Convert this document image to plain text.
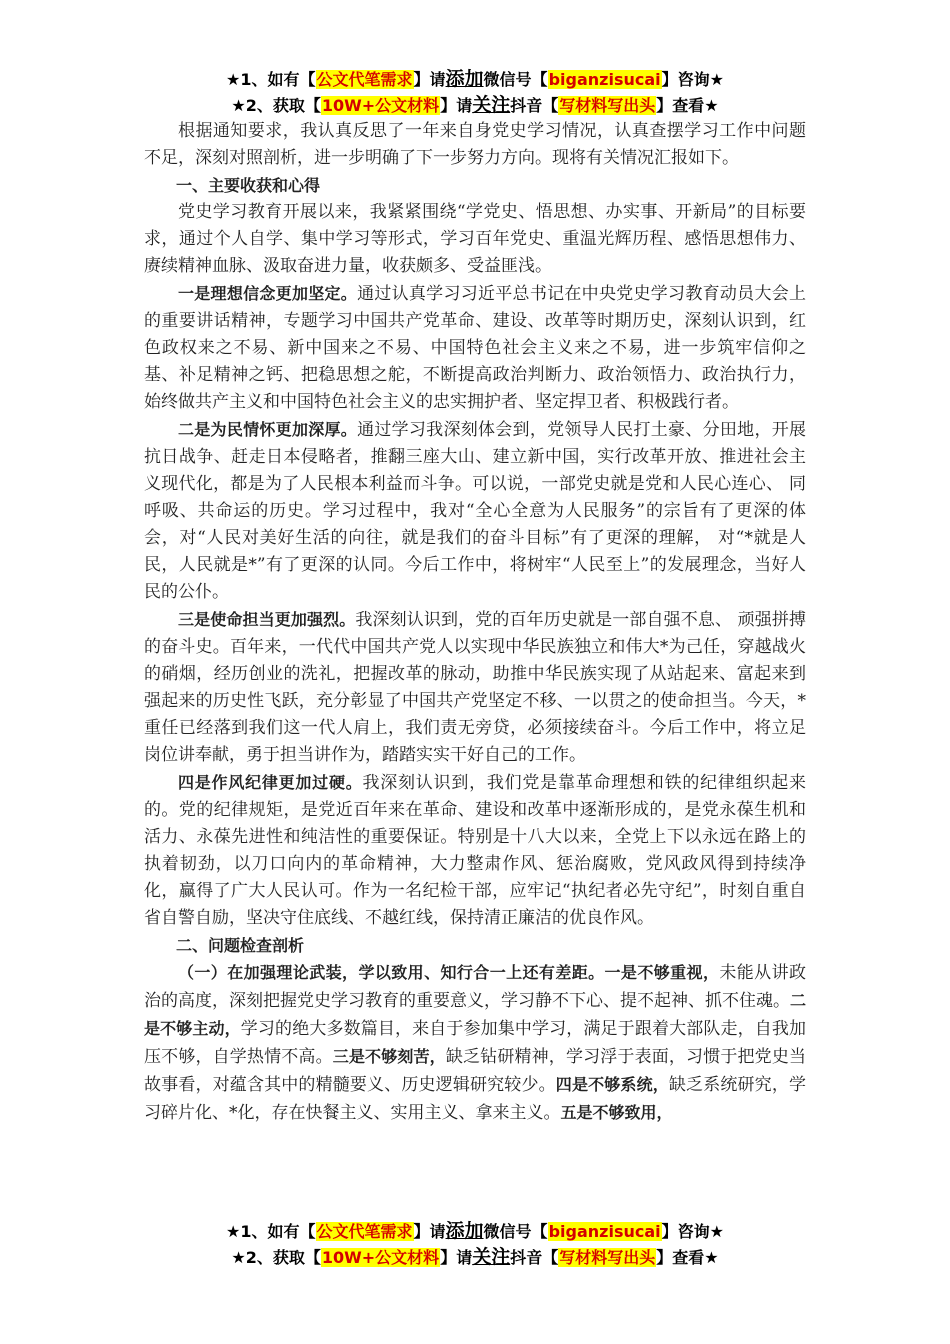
★1、如有【公文代笔需求】请添加微信号【biganzisucai】咨询★
★2、获取【10W+公文材料】请关注抖音【写材料写出头】查看★

根据通知要求，我认真反思了一年来自身党史学习情况，认真查摆学习工作中问题不足，深刻对照剖析，进一步明确了下一步努力方向。现将有关情况汇报如下。

一、主要收获和心得

党史学习教育开展以来，我紧紧围绕“学党史、悟思想、办实事、开新局”的目标要求，通过个人自学、集中学习等形式，学习百年党史、重温光辉历程、感悟思想伟力、赓续精神血脉、汲取奋进力量，收获颇多、受益匪浅。

一是理想信念更加坚定。通过认真学习习近平总书记在中央党史学习教育动员大会上的重要讲话精神，专题学习中国共产党革命、建设、改革等时期历史，深刻认识到，红色政权来之不易、新中国来之不易、中国特色社会主义来之不易，进一步筑牢信仰之基、补足精神之钙、把稳思想之舵，不断提高政治判断力、政治领悟力、政治执行力，始终做共产主义和中国特色社会主义的忠实拥护者、坚定捍卫者、积极践行者。

二是为民情怀更加深厚。通过学习我深刻体会到，党领导人民打土豪、分田地，开展抗日战争、赶走日本侵略者，推翻三座大山、建立新中国，实行改革开放、推进社会主义现代化，都是为了人民根本利益而斗争。可以说，一部党史就是党和人民心连心、 同呼吸、共命运的历史。学习过程中，我对“全心全意为人民服务”的宗旨有了更深的体会，对“人民对美好生活的向往，就是我们的奋斗目标”有了更深的理解， 对“*就是人民，人民就是*”有了更深的认同。今后工作中，将树牢“人民至上”的发展理念，当好人民的公仆。

三是使命担当更加强烈。我深刻认识到，党的百年历史就是一部自强不息、 顽强拼搏的奋斗史。百年来，一代代中国共产党人以实现中华民族独立和伟大*为己任，穿越战火的硝烟，经历创业的洗礼，把握改革的脉动，助推中华民族实现了从站起来、富起来到强起来的历史性飞跃，充分彰显了中国共产党坚定不移、一以贯之的使命担当。今天，*重任已经落到我们这一代人肩上，我们责无旁贷，必须接续奋斗。今后工作中，将立足岗位讲奉献，勇于担当讲作为，踏踏实实干好自己的工作。

四是作风纪律更加过硬。我深刻认识到，我们党是靠革命理想和铁的纪律组织起来的。党的纪律规矩，是党近百年来在革命、建设和改革中逐渐形成的，是党永葆生机和活力、永葆先进性和纯洁性的重要保证。特别是十八大以来，全党上下以永远在路上的执着韧劲，以刀口向内的革命精神，大力整肃作风、惩治腐败，党风政风得到持续净化，赢得了广大人民认可。作为一名纪检干部，应牢记“执纪者必先守纪”，时刻自重自省自警自励，坚决守住底线、不越红线，保持清正廉洁的优良作风。

二、问题检查剖析

（一）在加强理论武装，学以致用、知行合一上还有差距。一是不够重视，未能从讲政治的高度，深刻把握党史学习教育的重要意义，学习静不下心、提不起神、抓不住魂。二是不够主动，学习的绝大多数篇目，来自于参加集中学习，满足于跟着大部队走，自我加压不够，自学热情不高。三是不够刻苦，缺乏钻研精神，学习浮于表面，习惯于把党史当故事看，对蕴含其中的精髓要义、历史逻辑研究较少。四是不够系统，缺乏系统研究，学习碎片化、*化，存在快餐主义、实用主义、拿来主义。五是不够致用，

★1、如有【公文代笔需求】请添加微信号【biganzisucai】咨询★
★2、获取【10W+公文材料】请关注抖音【写材料写出头】查看★
